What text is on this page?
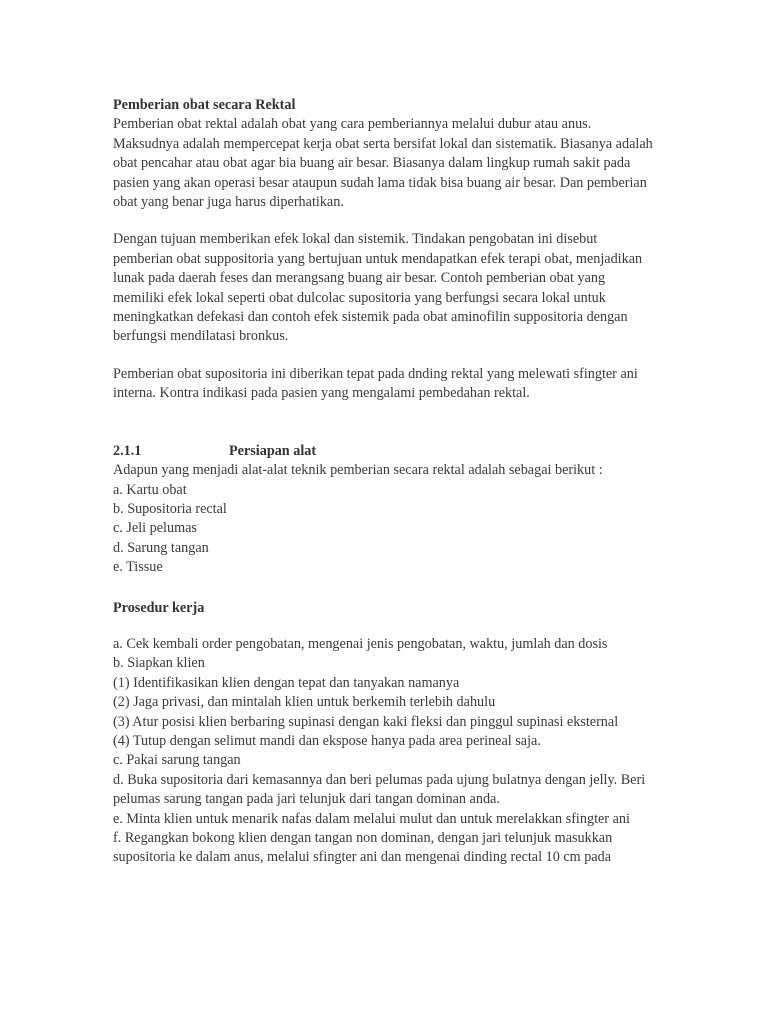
Pemberian obat secara Rektal

Pemberian obat rektal adalah obat yang cara pemberiannya melalui dubur atau anus. Maksudnya adalah mempercepat kerja obat serta bersifat lokal dan sistematik. Biasanya adalah obat pencahar atau obat agar bia buang air besar. Biasanya dalam lingkup rumah sakit pada pasien yang akan operasi besar ataupun sudah lama tidak bisa buang air besar. Dan pemberian obat yang benar juga harus diperhatikan.

Dengan tujuan memberikan efek lokal dan sistemik. Tindakan pengobatan ini disebut pemberian obat suppositoria yang bertujuan untuk mendapatkan efek terapi obat, menjadikan lunak pada daerah feses dan merangsang buang air besar. Contoh pemberian obat yang memiliki efek lokal seperti obat dulcolac supositoria yang berfungsi secara lokal untuk meningkatkan defekasi dan contoh efek sistemik pada obat aminofilin suppositoria dengan berfungsi mendilatasi bronkus.

Pemberian obat supositoria ini diberikan tepat pada dnding rektal yang melewati sfingter ani interna. Kontra indikasi pada pasien yang mengalami pembedahan rektal.

2.1.1	Persiapan alat

Adapun yang menjadi alat-alat teknik pemberian secara rektal adalah sebagai berikut :

a. Kartu obat
b. Supositoria rectal
c. Jeli pelumas
d. Sarung tangan
e. Tissue

Prosedur kerja

a. Cek kembali order pengobatan, mengenai jenis pengobatan, waktu, jumlah dan dosis

b. Siapkan klien

(1) Identifikasikan klien dengan tepat dan tanyakan namanya

(2) Jaga privasi, dan mintalah klien untuk berkemih terlebih dahulu

(3) Atur posisi klien berbaring supinasi dengan kaki fleksi dan pinggul supinasi eksternal

(4) Tutup dengan selimut mandi dan ekspose hanya pada area perineal saja.

c. Pakai sarung tangan

d. Buka supositoria dari kemasannya dan beri pelumas pada ujung bulatnya dengan jelly. Beri pelumas sarung tangan pada jari telunjuk dari tangan dominan anda.

e. Minta klien untuk menarik nafas dalam melalui mulut dan untuk merelakkan sfingter ani

f. Regangkan bokong klien dengan tangan non dominan, dengan jari telunjuk masukkan supositoria ke dalam anus, melalui sfingter ani dan mengenai dinding rectal 10 cm pada
